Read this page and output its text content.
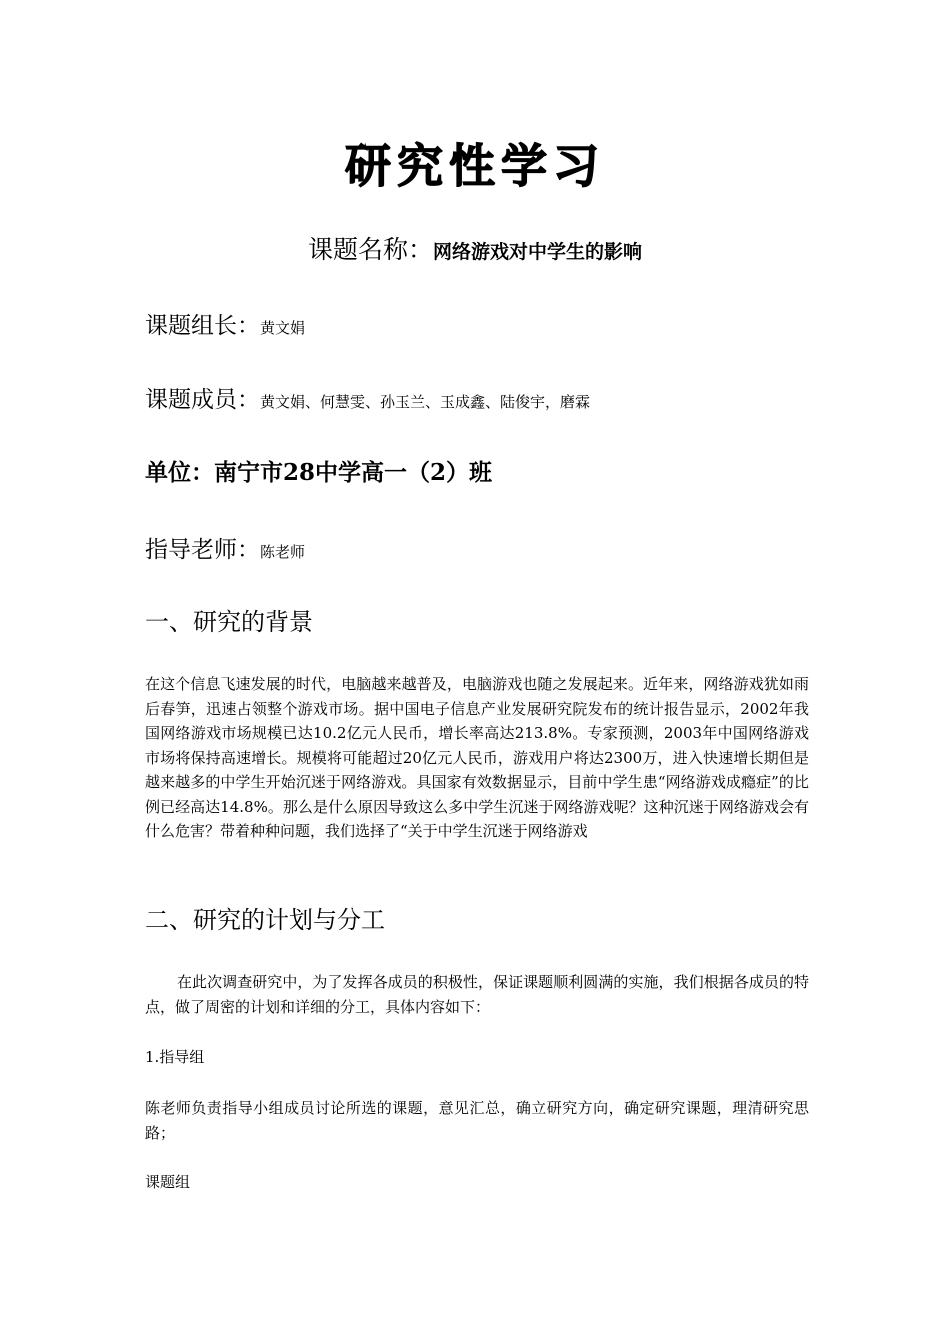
研究性学习
课题名称：网络游戏对中学生的影响
课题组长：黄文娟
课题成员：黄文娟、何慧雯、孙玉兰、玉成鑫、陆俊宇，磨霖
单位：南宁市28中学高一（2）班
指导老师：陈老师
一、研究的背景
在这个信息飞速发展的时代，电脑越来越普及，电脑游戏也随之发展起来。近年来，网络游戏犹如雨后春笋，迅速占领整个游戏市场。据中国电子信息产业发展研究院发布的统计报告显示，2002年我国网络游戏市场规模已达10.2亿元人民币，增长率高达213.8%。专家预测，2003年中国网络游戏市场将保持高速增长。规模将可能超过20亿元人民币，游戏用户将达2300万，进入快速增长期但是越来越多的中学生开始沉迷于网络游戏。具国家有效数据显示，目前中学生患“网络游戏成瘾症”的比例已经高达14.8%。那么是什么原因导致这么多中学生沉迷于网络游戏呢？这种沉迷于网络游戏会有什么危害？带着种种问题，我们选择了“关于中学生沉迷于网络游戏
二、研究的计划与分工
在此次调查研究中，为了发挥各成员的积极性，保证课题顺利圆满的实施，我们根据各成员的特点，做了周密的计划和详细的分工，具体内容如下：
1.指导组
陈老师负责指导小组成员讨论所选的课题，意见汇总，确立研究方向，确定研究课题，理清研究思路；
课题组
